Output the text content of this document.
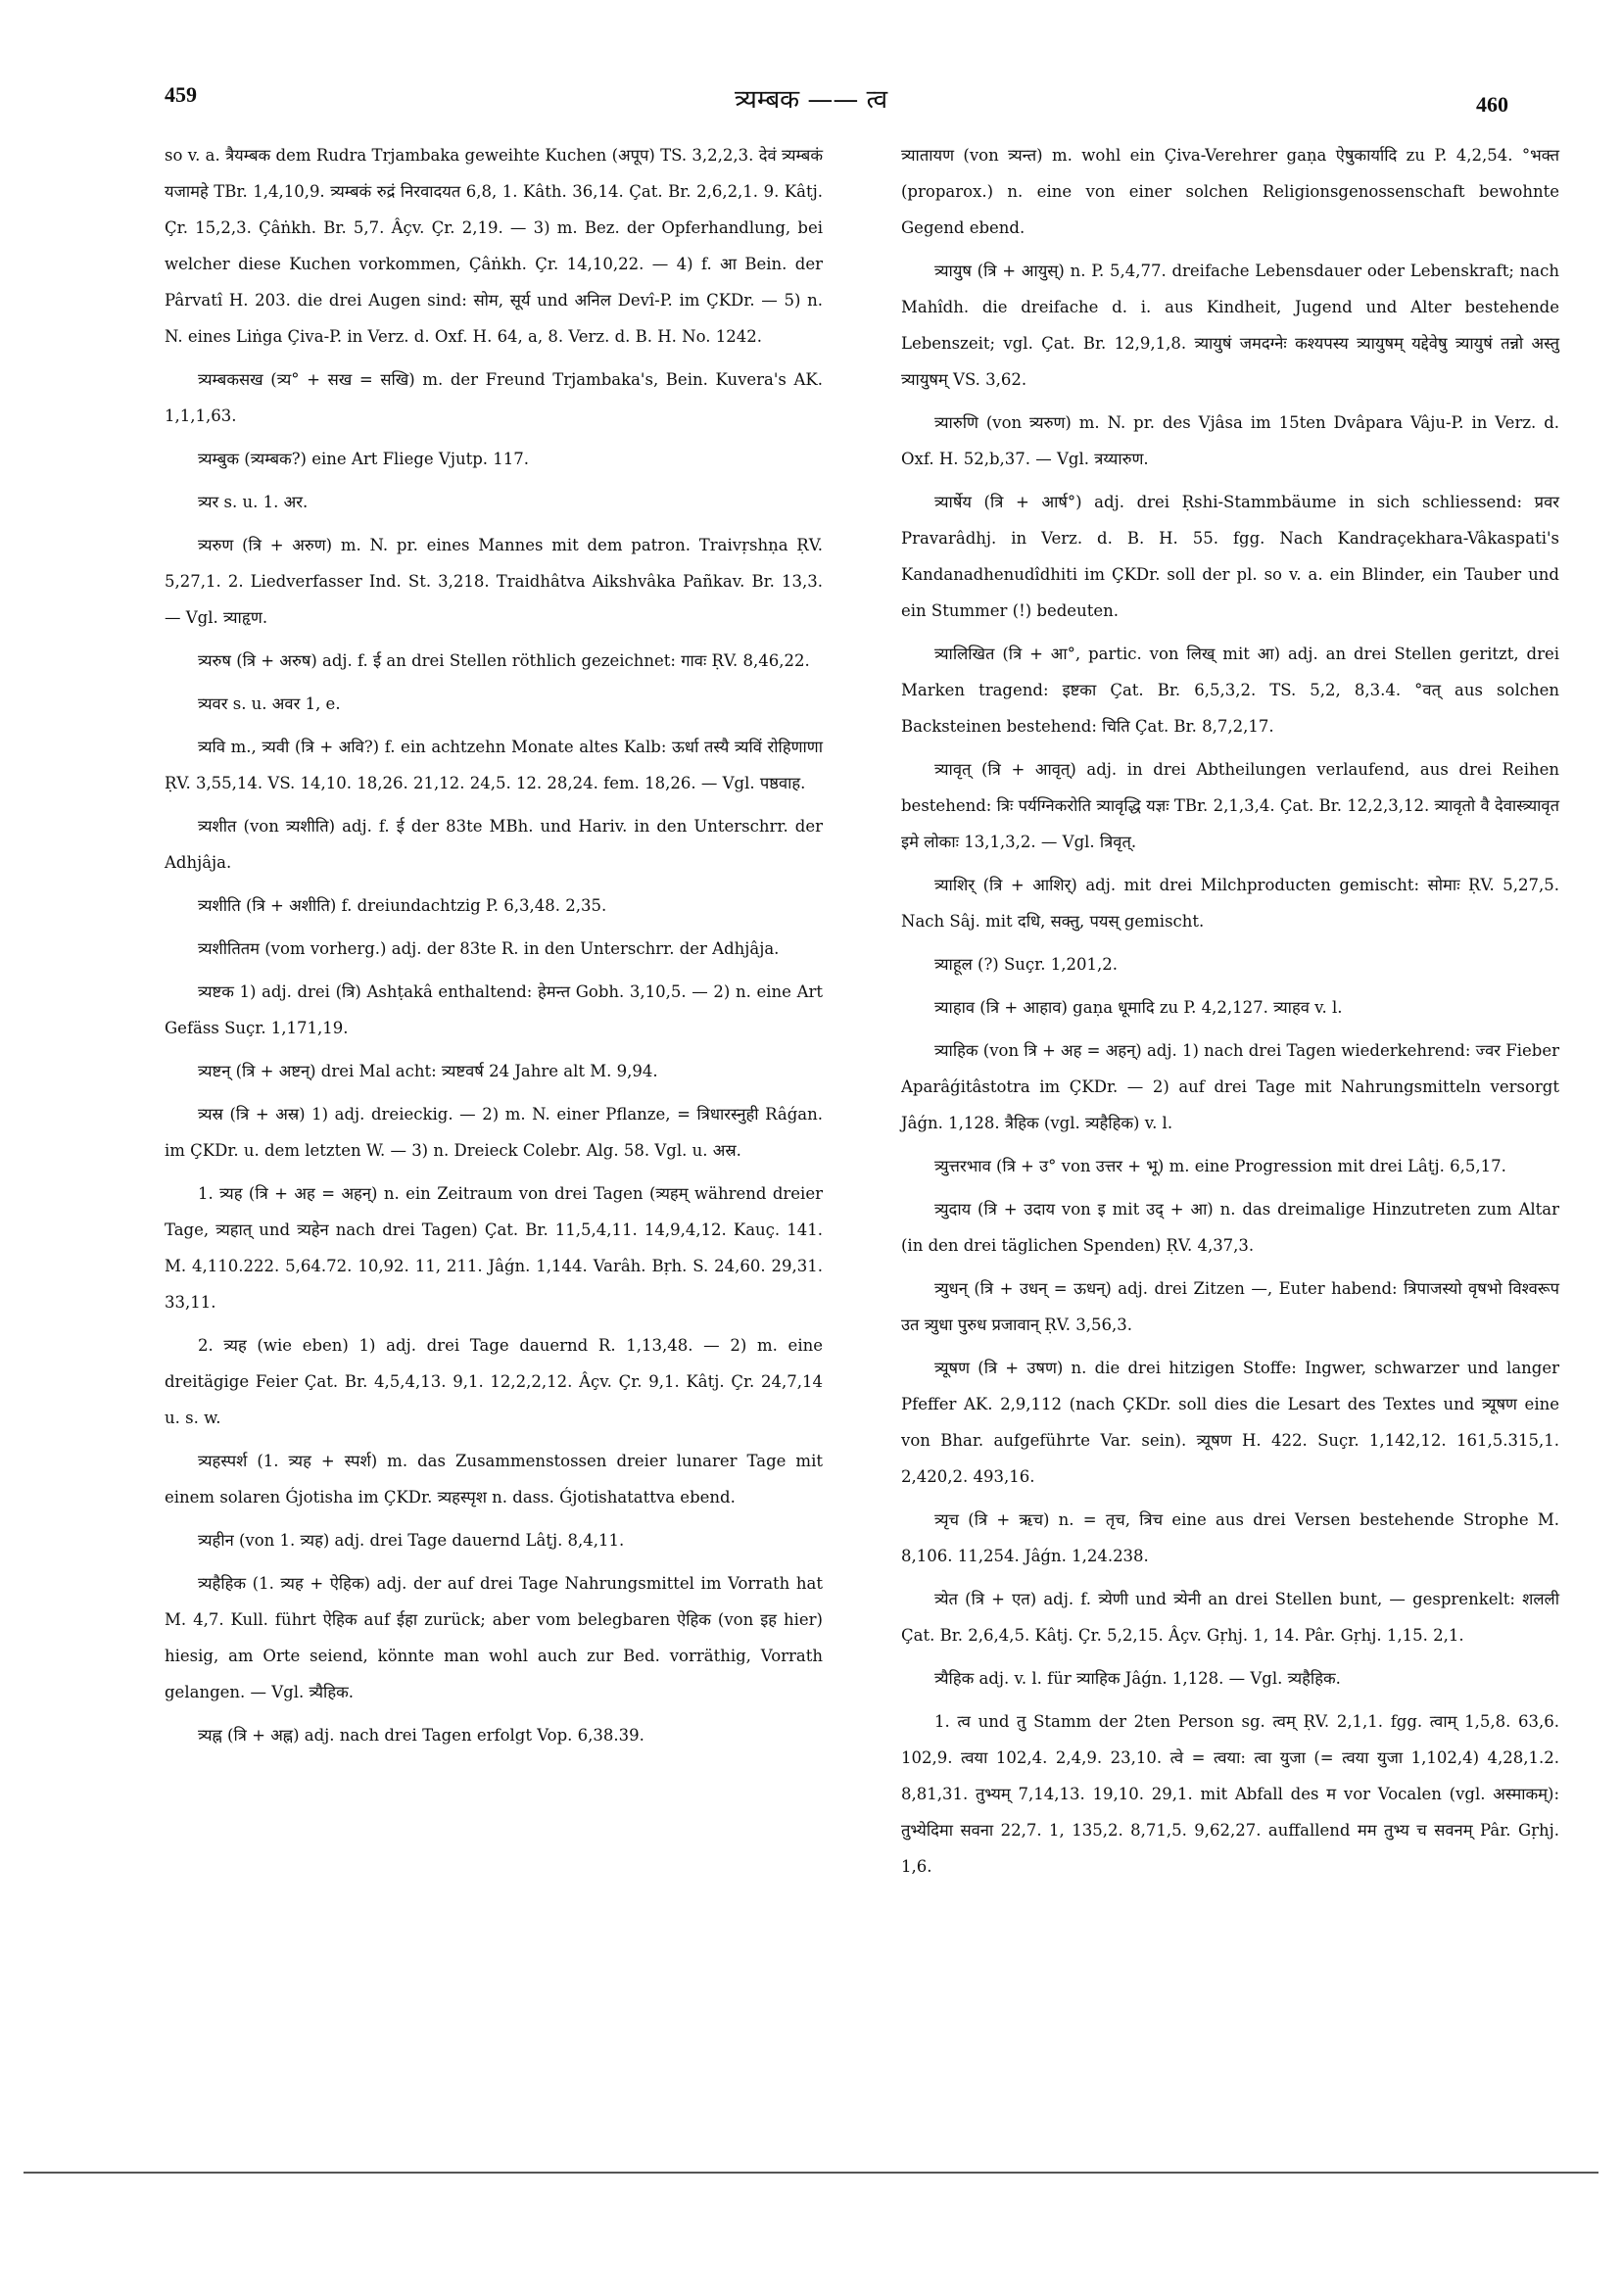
459	त्र्यम्बक —— त्व	460

so v. a. त्रैयम्बक dem Rudra Trjambaka geweihte Kuchen (अपूप) TS. 3,2,2,3. देवं त्र्यम्बकं यजामहे TBr. 1,4,10,9. त्र्यम्बकं रुद्रं निरवादयत 6,8, 1. Kâth. 36,14. Çat. Br. 2,6,2,1. 9. Kâtj. Çr. 15,2,3. Çâṅkh. Br. 5,7. Âçv. Çr. 2,19. — 3) m. Bez. der Opferhandlung, bei welcher diese Kuchen vorkommen, Çâṅkh. Çr. 14,10,22. — 4) f. आ Bein. der Pârvatî H. 203. die drei Augen sind: सोम, सूर्य und अनिल Devî-P. im ÇKDr. — 5) n. N. eines Liṅga Çiva-P. in Verz. d. Oxf. H. 64, a, 8. Verz. d. B. H. No. 1242.

त्र्यम्बकसख (त्र्य° + सख = सखि) m. der Freund Trjambaka's, Bein. Kuvera's AK. 1,1,1,63.

त्र्यम्बुक (त्र्यम्बक?) eine Art Fliege Vjutp. 117.

त्र्यर s. u. 1. अर.

त्र्यरुण (त्रि + अरुण) m. N. pr. eines Mannes mit dem patron. Traivṛshṇa ṚV. 5,27,1. 2. Liedverfasser Ind. St. 3,218. Traidhâtva Aikshvâka Pañkav. Br. 13,3. — Vgl. त्र्याहृण.

त्र्यरुष (त्रि + अरुष) adj. f. ई an drei Stellen röthlich gezeichnet: गावः ṚV. 8,46,22.

त्र्यवर s. u. अवर 1, e.

त्र्यवि m., त्र्यवी (त्रि + अवि?) f. ein achtzehn Monate altes Kalb: ऊर्धा तस्यै त्र्यविं रोहिणाणा ṚV. 3,55,14. VS. 14,10. 18,26. 21,12. 24,5. 12. 28,24. fem. 18,26. — Vgl. पष्ठवाह.

त्र्यशीत (von त्र्यशीति) adj. f. ई der 83te MBh. und Hariv. in den Unterschrr. der Adhjâja.

त्र्यशीति (त्रि + अशीति) f. dreiundachtzig P. 6,3,48. 2,35.

त्र्यशीतितम (vom vorherg.) adj. der 83te R. in den Unterschrr. der Adhjâja.

त्र्यष्टक 1) adj. drei (त्रि) Ashṭakâ enthaltend: हेमन्त Gobh. 3,10,5. — 2) n. eine Art Gefäss Suçr. 1,171,19.

त्र्यष्टन् (त्रि + अष्टन्) drei Mal acht: त्र्यष्टवर्ष 24 Jahre alt M. 9,94.

त्र्यस्र (त्रि + अस्र) 1) adj. dreieckig. — 2) m. N. einer Pflanze, = त्रिधारस्नुही Râǵan. im ÇKDr. u. dem letzten W. — 3) n. Dreieck Colebr. Alg. 58. Vgl. u. अस्र.

1. त्र्यह (त्रि + अह = अहन्) n. ein Zeitraum von drei Tagen (त्र्यहम् während dreier Tage, त्र्यहात् und त्र्यहेन nach drei Tagen) Çat. Br. 11,5,4,11. 14,9,4,12. Kauç. 141. M. 4,110.222. 5,64.72. 10,92. 11, 211. Jâǵn. 1,144. Varâh. Bṛh. S. 24,60. 29,31. 33,11.

2. त्र्यह (wie eben) 1) adj. drei Tage dauernd R. 1,13,48. — 2) m. eine dreitägige Feier Çat. Br. 4,5,4,13. 9,1. 12,2,2,12. Âçv. Çr. 9,1. Kâtj. Çr. 24,7,14 u. s. w.

त्र्यहस्पर्श (1. त्र्यह + स्पर्श) m. das Zusammenstossen dreier lunarer Tage mit einem solaren Ǵjotisha im ÇKDr. त्र्यहस्पृश n. dass. Ǵjotishatattva ebend.

त्र्यहीन (von 1. त्र्यह) adj. drei Tage dauernd Lâṭj. 8,4,11.

त्र्यहैहिक (1. त्र्यह + ऐहिक) adj. der auf drei Tage Nahrungsmittel im Vorrath hat M. 4,7. Kull. führt ऐहिक auf ईहा zurück; aber vom belegbaren ऐहिक (von इह hier) hiesig, am Orte seiend, könnte man wohl auch zur Bed. vorräthig, Vorrath gelangen. — Vgl. त्र्यैहिक.

त्र्यह्न (त्रि + अह्न) adj. nach drei Tagen erfolgt Vop. 6,38.39.

त्र्यातायण (von त्र्यन्त) m. wohl ein Çiva-Verehrer gaṇa ऐषुकार्यादि zu P. 4,2,54. °भक्त (proparox.) n. eine von einer solchen Religionsgenossenschaft bewohnte Gegend ebend.

त्र्यायुष (त्रि + आयुस्) n. P. 5,4,77. dreifache Lebensdauer oder Lebenskraft; nach Mahîdh. die dreifache d. i. aus Kindheit, Jugend und Alter bestehende Lebenszeit; vgl. Çat. Br. 12,9,1,8. त्र्यायुषं जमदग्नेः कश्यपस्य त्र्यायुषम् यद्देवेषु त्र्यायुषं तन्नो अस्तु त्र्यायुषम् VS. 3,62.

त्र्यारुणि (von त्र्यरुण) m. N. pr. des Vjâsa im 15ten Dvâpara Vâju-P. in Verz. d. Oxf. H. 52,b,37. — Vgl. त्रय्यारुण.

त्र्यार्षेय (त्रि + आर्ष°) adj. drei Ṛshi-Stammbäume in sich schliessend: प्रवर Pravarâdhj. in Verz. d. B. H. 55. fgg. Nach Kandraçekhara-Vâkaspati's Kandanadhenudîdhiti im ÇKDr. soll der pl. so v. a. ein Blinder, ein Tauber und ein Stummer (!) bedeuten.

त्र्यालिखित (त्रि + आ°, partic. von लिख् mit आ) adj. an drei Stellen geritzt, drei Marken tragend: इष्टका Çat. Br. 6,5,3,2. TS. 5,2, 8,3.4. °वत् aus solchen Backsteinen bestehend: चिति Çat. Br. 8,7,2,17.

त्र्यावृत् (त्रि + आवृत्) adj. in drei Abtheilungen verlaufend, aus drei Reihen bestehend: त्रिः पर्यग्निकरोति त्र्यावृद्धि यज्ञः TBr. 2,1,3,4. Çat. Br. 12,2,3,12. त्र्यावृतो वै देवास्त्र्यावृत इमे लोकाः 13,1,3,2. — Vgl. त्रिवृत्.

त्र्याशिर् (त्रि + आशिर्) adj. mit drei Milchproducten gemischt: सोमाः ṚV. 5,27,5. Nach Sâj. mit दधि, सक्तु, पयस् gemischt.

त्र्याहूल (?) Suçr. 1,201,2.

त्र्याहाव (त्रि + आहाव) gaṇa धूमादि zu P. 4,2,127. त्र्याहव v. l.

त्र्याहिक (von त्रि + अह = अहन्) adj. 1) nach drei Tagen wiederkehrend: ज्वर Fieber Aparâǵitâstotra im ÇKDr. — 2) auf drei Tage mit Nahrungsmitteln versorgt Jâǵn. 1,128. त्रैहिक (vgl. त्र्यहैहिक) v. l.

त्र्युत्तरभाव (त्रि + उ° von उत्तर + भू) m. eine Progression mit drei Lâṭj. 6,5,17.

त्र्युदाय (त्रि + उदाय von इ mit उद् + आ) n. das dreimalige Hinzutreten zum Altar (in den drei täglichen Spenden) ṚV. 4,37,3.

त्र्युधन् (त्रि + उधन् = ऊधन्) adj. drei Zitzen —, Euter habend: त्रिपाजस्यो वृषभो विश्वरूप उत त्र्युधा पुरुध प्रजावान् ṚV. 3,56,3.

त्र्यूषण (त्रि + उषण) n. die drei hitzigen Stoffe: Ingwer, schwarzer und langer Pfeffer AK. 2,9,112 (nach ÇKDr. soll dies die Lesart des Textes und त्र्यूषण eine von Bhar. aufgeführte Var. sein). त्र्यूषण H. 422. Suçr. 1,142,12. 161,5.315,1. 2,420,2. 493,16.

त्र्यृच (त्रि + ऋच) n. = तृच, त्रिच eine aus drei Versen bestehende Strophe M. 8,106. 11,254. Jâǵn. 1,24.238.

त्र्येत (त्रि + एत) adj. f. त्र्येणी und त्र्येनी an drei Stellen bunt, — gesprenkelt: शलली Çat. Br. 2,6,4,5. Kâtj. Çr. 5,2,15. Âçv. Gṛhj. 1, 14. Pâr. Gṛhj. 1,15. 2,1.

त्र्यैहिक adj. v. l. für त्र्याहिक Jâǵn. 1,128. — Vgl. त्र्यहैहिक.

1. त्व und तु Stamm der 2ten Person sg. त्वम् ṚV. 2,1,1. fgg. त्वाम् 1,5,8. 63,6. 102,9. त्वया 102,4. 2,4,9. 23,10. त्वे = त्वया: त्वा युजा (= त्वया युजा 1,102,4) 4,28,1.2. 8,81,31. तुभ्यम् 7,14,13. 19,10. 29,1. mit Abfall des म vor Vocalen (vgl. अस्माकम्): तुभ्येदिमा सवना 22,7. 1, 135,2. 8,71,5. 9,62,27. auffallend मम तुभ्य च सवनम् Pâr. Gṛhj. 1,6.
